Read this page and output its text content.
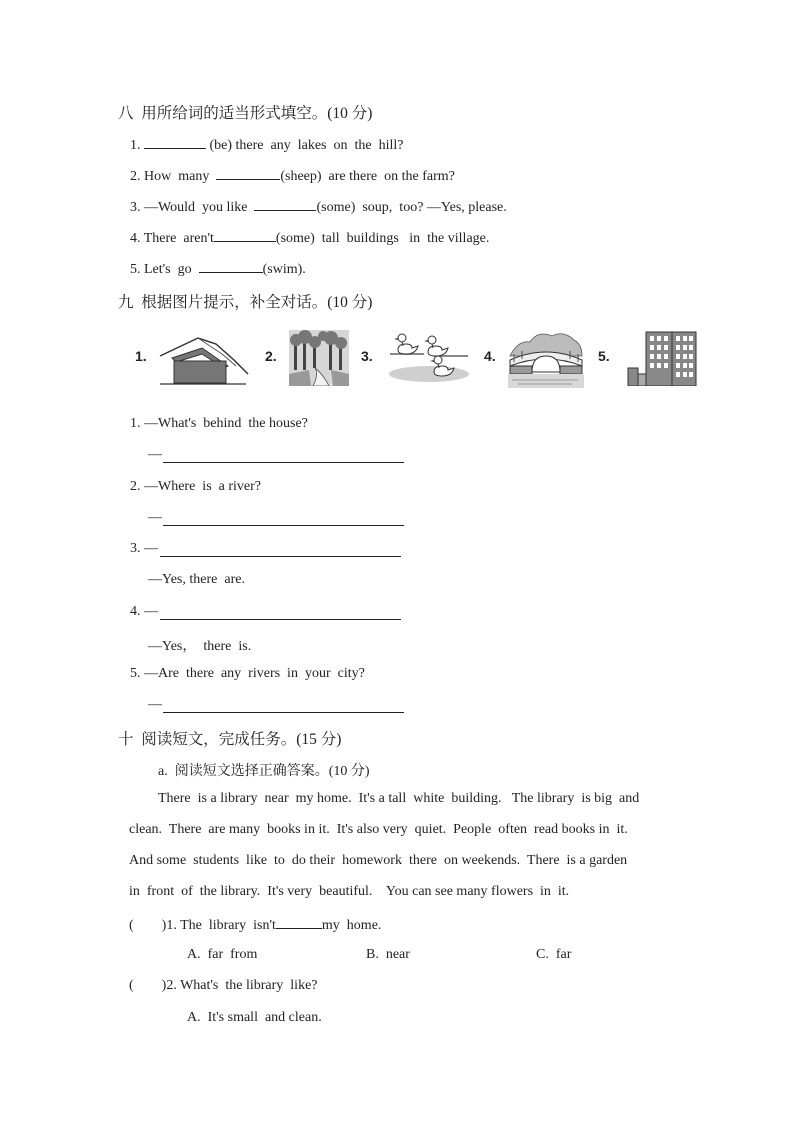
八  用所给词的适当形式填空。(10 分)
1.	(be) there  any  lakes  on  the  hill?
2. How  many	(sheep)  are there  on the farm?
3. —Would  you like	(some)  soup,  too? —Yes, please.
4. There  aren't	(some)  tall  buildings   in  the village.
5. Let's  go	(swim).
九  根据图片提示，补全对话。(10 分)
1.	2.	3.	4.	5.
1. —What's  behind  the house?
—
2. —Where  is  a river?
—
3. —
—Yes, there  are.
4. —
—Yes，  there  is.
5. —Are  there  any  rivers  in  your  city?
—
十  阅读短文，完成任务。(15 分)
a.  阅读短文选择正确答案。(10 分)
There  is a library  near  my home.  It's a tall  white  building.   The library  is big  and
clean.  There  are many  books in it.  It's also very  quiet.  People  often  read books in  it.
And some  students  like  to  do their  homework  there  on weekends.  There  is a garden
in  front  of  the library.  It's very  beautiful.    You can see many flowers  in  it.
(        )1. The  library  isn't	my  home.
A.  far  from	B.  near	C.  far
(        )2. What's  the library  like?
A.  It's small  and clean.
